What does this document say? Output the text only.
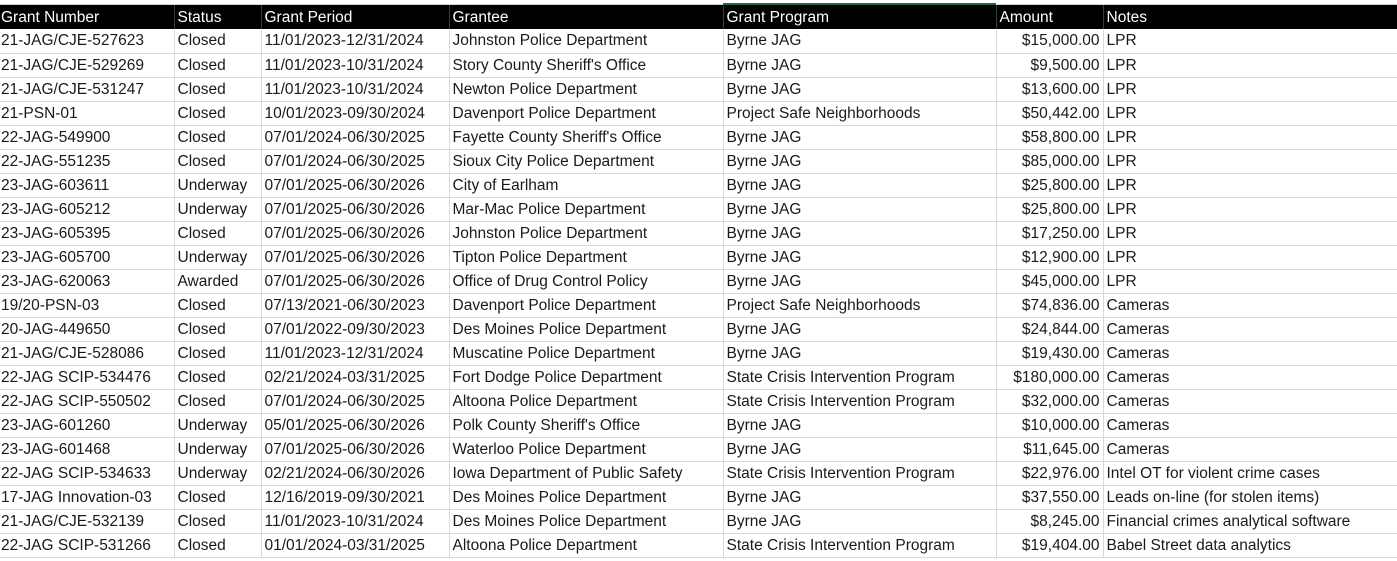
Grant Number	Status	Grant Period	Grantee	Grant Program	Amount	Notes
21-JAG/CJE-527623	Closed	11/01/2023-12/31/2024	Johnston Police Department	Byrne JAG	$15,000.00	LPR
21-JAG/CJE-529269	Closed	11/01/2023-10/31/2024	Story County Sheriff's Office	Byrne JAG	$9,500.00	LPR
21-JAG/CJE-531247	Closed	11/01/2023-10/31/2024	Newton Police Department	Byrne JAG	$13,600.00	LPR
21-PSN-01	Closed	10/01/2023-09/30/2024	Davenport Police Department	Project Safe Neighborhoods	$50,442.00	LPR
22-JAG-549900	Closed	07/01/2024-06/30/2025	Fayette County Sheriff's Office	Byrne JAG	$58,800.00	LPR
22-JAG-551235	Closed	07/01/2024-06/30/2025	Sioux City Police Department	Byrne JAG	$85,000.00	LPR
23-JAG-603611	Underway	07/01/2025-06/30/2026	City of Earlham	Byrne JAG	$25,800.00	LPR
23-JAG-605212	Underway	07/01/2025-06/30/2026	Mar-Mac Police Department	Byrne JAG	$25,800.00	LPR
23-JAG-605395	Closed	07/01/2025-06/30/2026	Johnston Police Department	Byrne JAG	$17,250.00	LPR
23-JAG-605700	Underway	07/01/2025-06/30/2026	Tipton Police Department	Byrne JAG	$12,900.00	LPR
23-JAG-620063	Awarded	07/01/2025-06/30/2026	Office of Drug Control Policy	Byrne JAG	$45,000.00	LPR
19/20-PSN-03	Closed	07/13/2021-06/30/2023	Davenport Police Department	Project Safe Neighborhoods	$74,836.00	Cameras
20-JAG-449650	Closed	07/01/2022-09/30/2023	Des Moines Police Department	Byrne JAG	$24,844.00	Cameras
21-JAG/CJE-528086	Closed	11/01/2023-12/31/2024	Muscatine Police Department	Byrne JAG	$19,430.00	Cameras
22-JAG SCIP-534476	Closed	02/21/2024-03/31/2025	Fort Dodge Police Department	State Crisis Intervention Program	$180,000.00	Cameras
22-JAG SCIP-550502	Closed	07/01/2024-06/30/2025	Altoona Police Department	State Crisis Intervention Program	$32,000.00	Cameras
23-JAG-601260	Underway	05/01/2025-06/30/2026	Polk County Sheriff's Office	Byrne JAG	$10,000.00	Cameras
23-JAG-601468	Underway	07/01/2025-06/30/2026	Waterloo Police Department	Byrne JAG	$11,645.00	Cameras
22-JAG SCIP-534633	Underway	02/21/2024-06/30/2026	Iowa Department of Public Safety	State Crisis Intervention Program	$22,976.00	Intel OT for violent crime cases
17-JAG Innovation-03	Closed	12/16/2019-09/30/2021	Des Moines Police Department	Byrne JAG	$37,550.00	Leads on-line (for stolen items)
21-JAG/CJE-532139	Closed	11/01/2023-10/31/2024	Des Moines Police Department	Byrne JAG	$8,245.00	Financial crimes analytical software
22-JAG SCIP-531266	Closed	01/01/2024-03/31/2025	Altoona Police Department	State Crisis Intervention Program	$19,404.00	Babel Street data analytics
